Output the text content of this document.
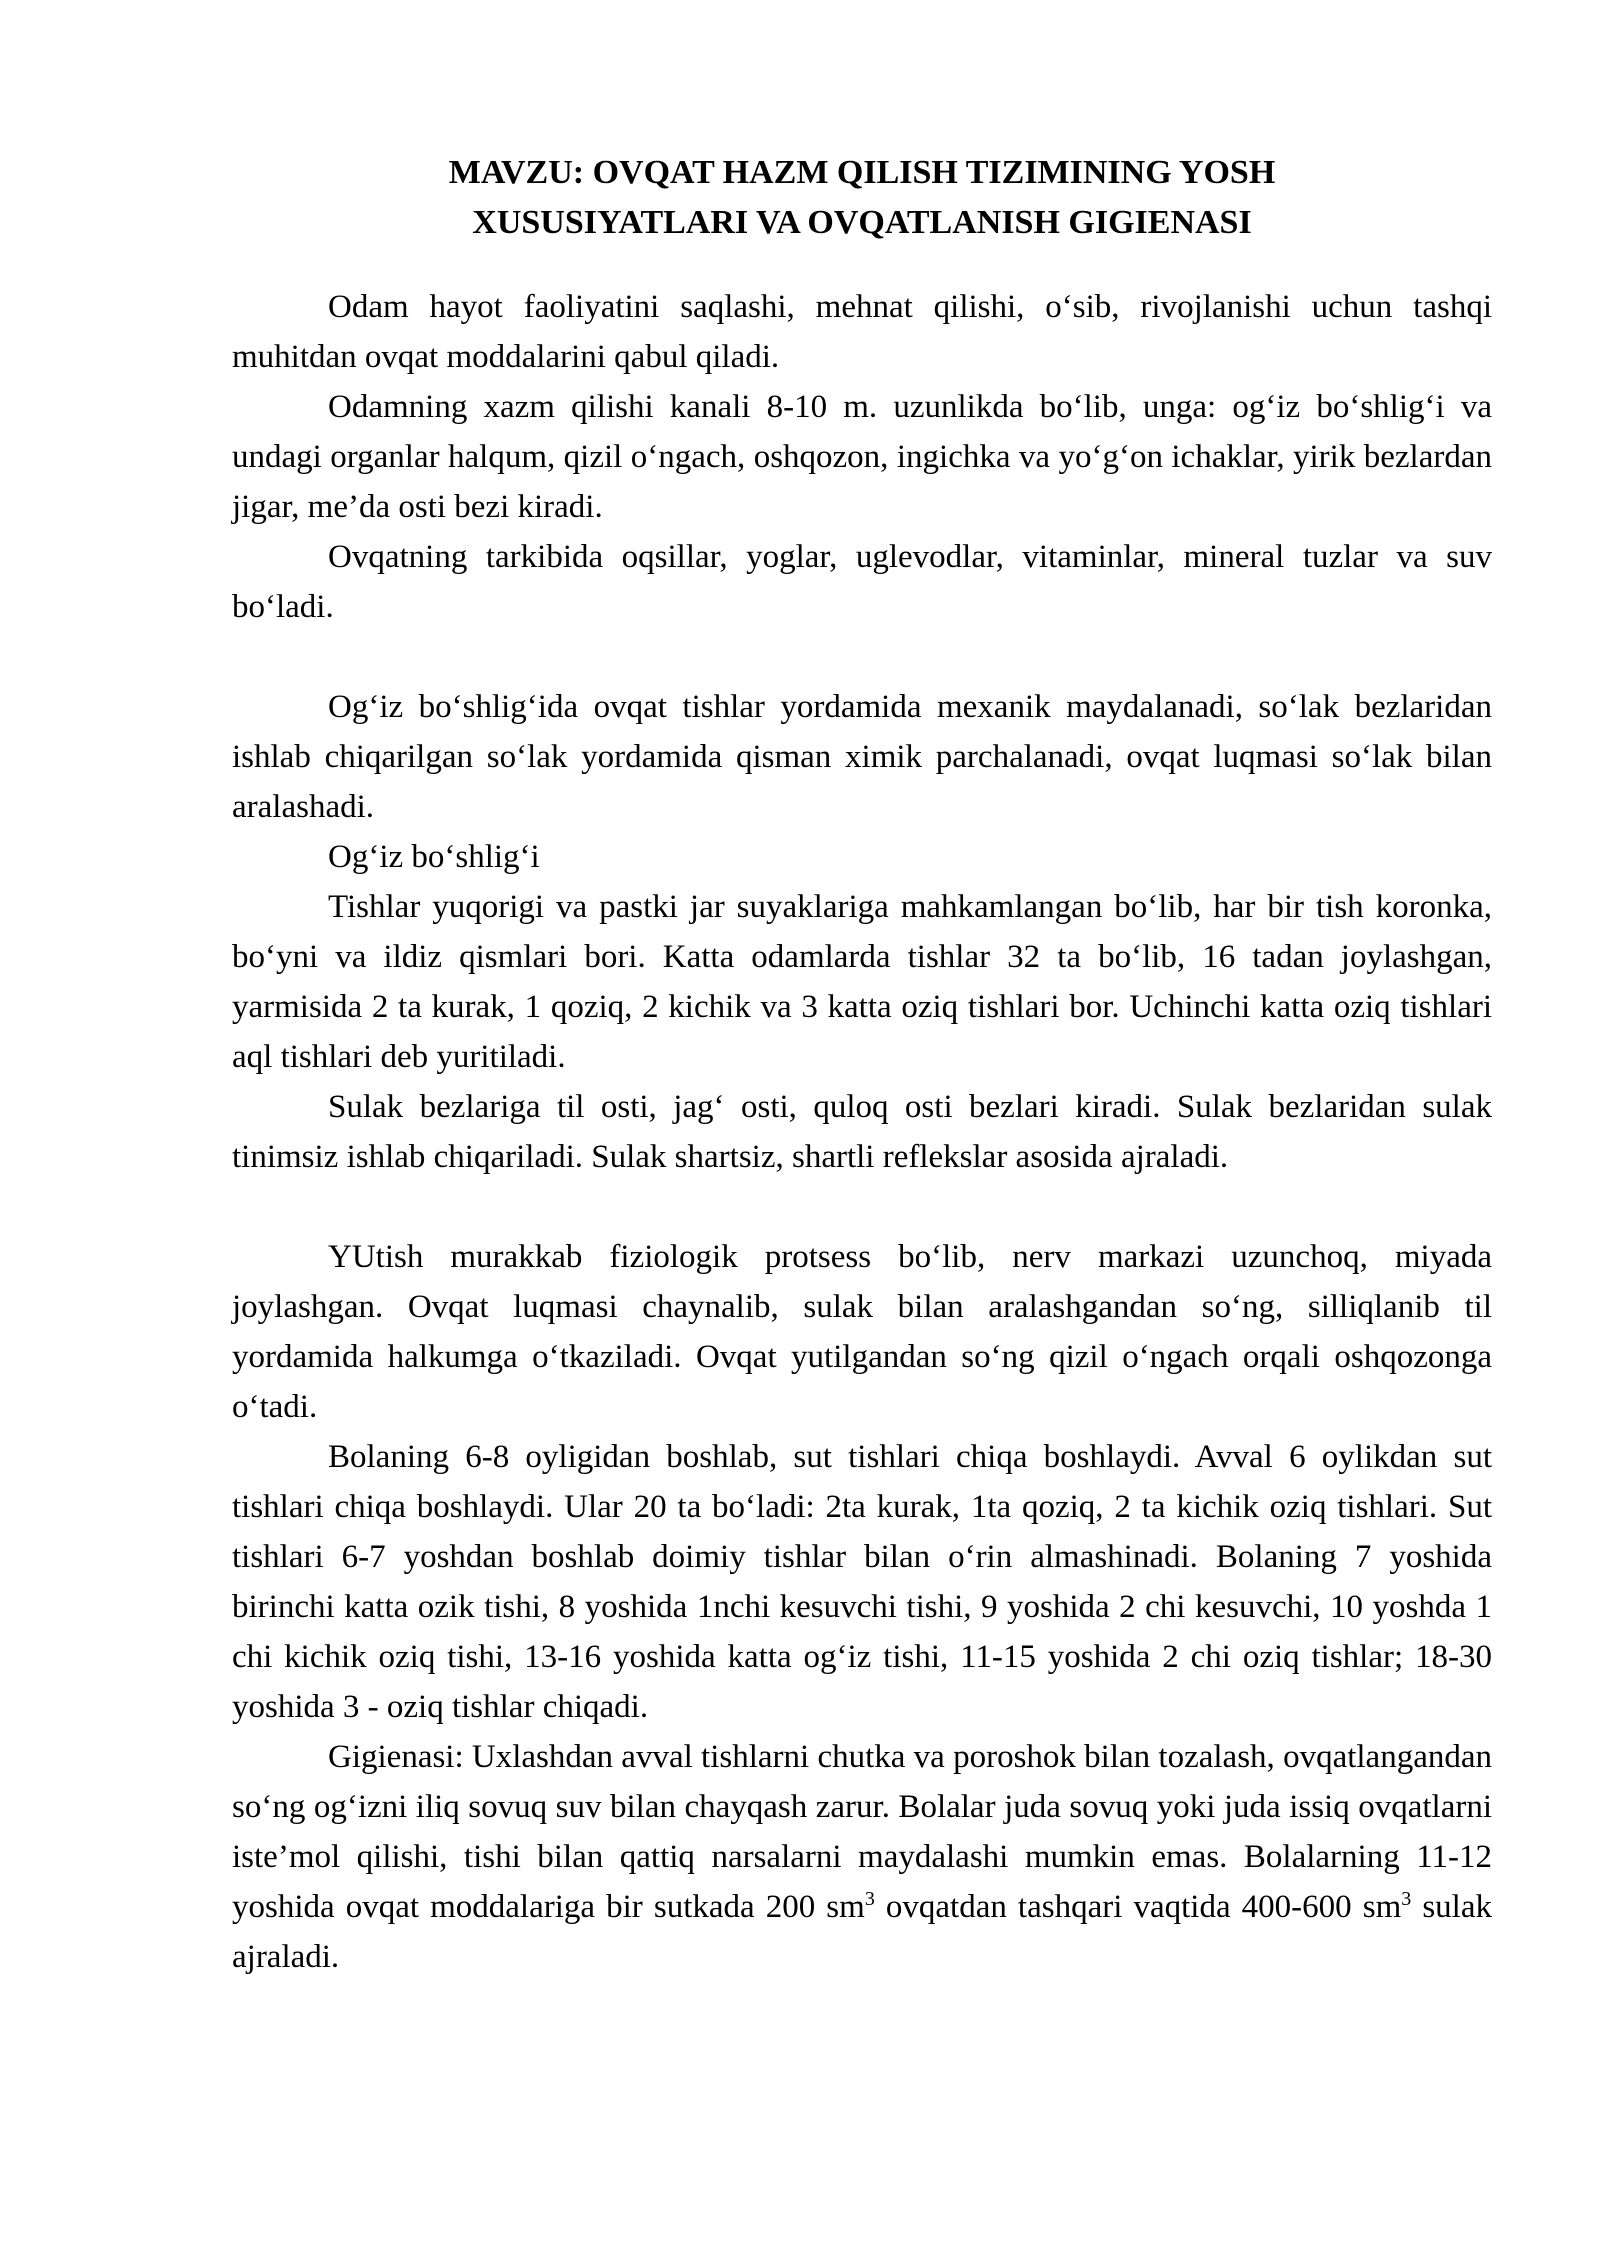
MAVZU: OVQAT HAZM QILISH TIZIMINING YOSH
XUSUSIYATLARI VA OVQATLANISH GIGIENASI

Odam hayot faoliyatini saqlashi, mehnat qilishi, o‘sib, rivojlanishi uchun tashqi muhitdan ovqat moddalarini qabul qiladi.

Odamning xazm qilishi kanali 8-10 m. uzunlikda bo‘lib, unga: og‘iz bo‘shlig‘i va undagi organlar halqum, qizil o‘ngach, oshqozon, ingichka va yo‘g‘on ichaklar, yirik bezlardan jigar, me’da osti bezi kiradi.

Ovqatning tarkibida oqsillar, yoglar, uglevodlar, vitaminlar, mineral tuzlar va suv bo‘ladi.

Og‘iz bo‘shlig‘ida ovqat tishlar yordamida mexanik maydalanadi, so‘lak bezlaridan ishlab chiqarilgan so‘lak yordamida qisman ximik parchalanadi, ovqat luqmasi so‘lak bilan aralashadi.

Og‘iz bo‘shlig‘i

Tishlar yuqorigi va pastki jar suyaklariga mahkamlangan bo‘lib, har bir tish koronka, bo‘yni va ildiz qismlari bori. Katta odamlarda tishlar 32 ta bo‘lib, 16 tadan joylashgan, yarmisida 2 ta kurak, 1 qoziq, 2 kichik va 3 katta oziq tishlari bor. Uchinchi katta oziq tishlari aql tishlari deb yuritiladi.

Sulak bezlariga til osti, jag‘ osti, quloq osti bezlari kiradi. Sulak bezlaridan sulak tinimsiz ishlab chiqariladi. Sulak shartsiz, shartli reflekslar asosida ajraladi.

YUtish murakkab fiziologik protsess bo‘lib, nerv markazi uzunchoq, miyada joylashgan. Ovqat luqmasi chaynalib, sulak bilan aralashgandan so‘ng, silliqlanib til yordamida halkumga o‘tkaziladi. Ovqat yutilgandan so‘ng qizil o‘ngach orqali oshqozonga o‘tadi.

Bolaning 6-8 oyligidan boshlab, sut tishlari chiqa boshlaydi. Avval 6 oylikdan sut tishlari chiqa boshlaydi. Ular 20 ta bo‘ladi: 2ta kurak, 1ta qoziq, 2 ta kichik oziq tishlari. Sut tishlari 6-7 yoshdan boshlab doimiy tishlar bilan o‘rin almashinadi. Bolaning 7 yoshida birinchi katta ozik tishi, 8 yoshida 1nchi kesuvchi tishi, 9 yoshida 2 chi kesuvchi, 10 yoshda 1 chi kichik oziq tishi, 13-16 yoshida katta og‘iz tishi, 11-15 yoshida 2 chi oziq tishlar; 18-30 yoshida 3 - oziq tishlar chiqadi.

Gigienasi: Uxlashdan avval tishlarni chutka va poroshok bilan tozalash, ovqatlangandan so‘ng og‘izni iliq sovuq suv bilan chayqash zarur. Bolalar juda sovuq yoki juda issiq ovqatlarni iste’mol qilishi, tishi bilan qattiq narsalarni maydalashi mumkin emas. Bolalarning 11-12 yoshida ovqat moddalariga bir sutkada 200 $sm^3$ ovqatdan tashqari vaqtida 400-600 $sm^3$ sulak ajraladi.
